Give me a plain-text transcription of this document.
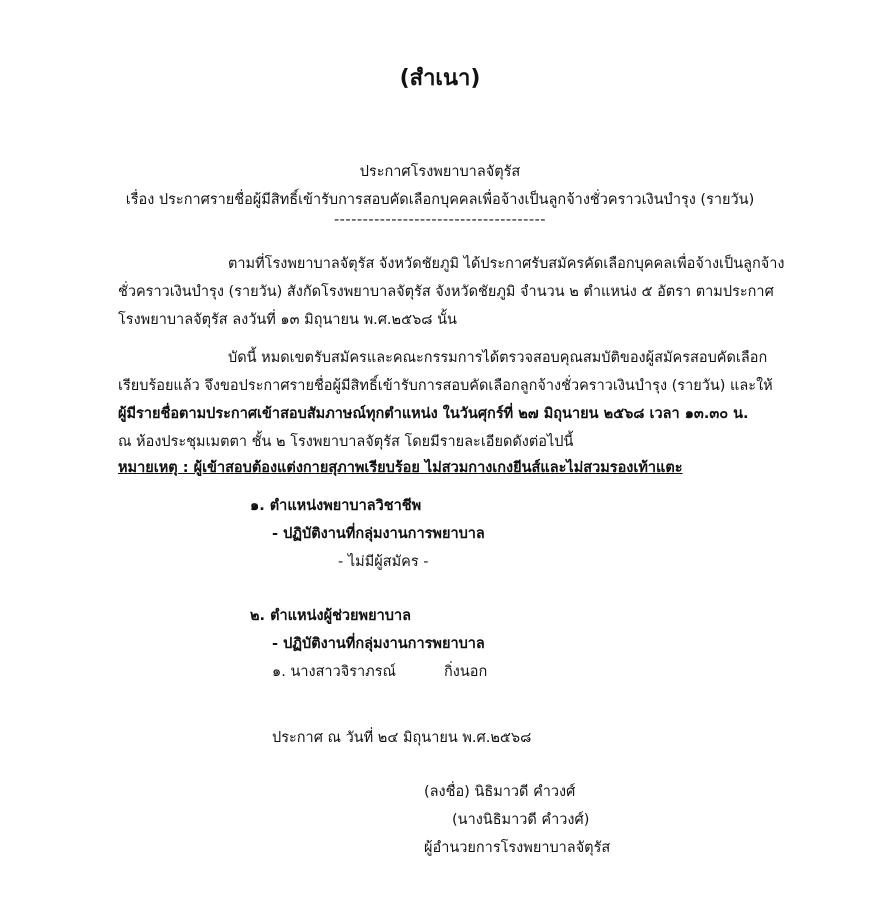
(สำเนา)
ประกาศโรงพยาบาลจัตุรัส
เรื่อง ประกาศรายชื่อผู้มีสิทธิ์เข้ารับการสอบคัดเลือกบุคคลเพื่อจ้างเป็นลูกจ้างชั่วคราวเงินบำรุง (รายวัน)
-------------------------------------
ตามที่โรงพยาบาลจัตุรัส จังหวัดชัยภูมิ ได้ประกาศรับสมัครคัดเลือกบุคคลเพื่อจ้างเป็นลูกจ้าง
ชั่วคราวเงินบำรุง (รายวัน) สังกัดโรงพยาบาลจัตุรัส จังหวัดชัยภูมิ จำนวน ๒ ตำแหน่ง ๕ อัตรา ตามประกาศ
โรงพยาบาลจัตุรัส ลงวันที่ ๑๓ มิถุนายน พ.ศ.๒๕๖๘ นั้น
บัดนี้ หมดเขตรับสมัครและคณะกรรมการได้ตรวจสอบคุณสมบัติของผู้สมัครสอบคัดเลือก
เรียบร้อยแล้ว จึงขอประกาศรายชื่อผู้มีสิทธิ์เข้ารับการสอบคัดเลือกลูกจ้างชั่วคราวเงินบำรุง (รายวัน) และให้
ผู้มีรายชื่อตามประกาศเข้าสอบสัมภาษณ์ทุกตำแหน่ง ในวันศุกร์ที่ ๒๗ มิถุนายน ๒๕๖๘ เวลา ๑๓.๓๐ น.
ณ ห้องประชุมเมตตา ชั้น ๒ โรงพยาบาลจัตุรัส โดยมีรายละเอียดดังต่อไปนี้
หมายเหตุ : ผู้เข้าสอบต้องแต่งกายสุภาพเรียบร้อย ไม่สวมกางเกงยีนส์และไม่สวมรองเท้าแตะ
๑. ตำแหน่งพยาบาลวิชาชีพ
- ปฏิบัติงานที่กลุ่มงานการพยาบาล
- ไม่มีผู้สมัคร -
๒. ตำแหน่งผู้ช่วยพยาบาล
- ปฏิบัติงานที่กลุ่มงานการพยาบาล
๑. นางสาวจิราภรณ์	กิ่งนอก
ประกาศ ณ วันที่ ๒๔ มิถุนายน พ.ศ.๒๕๖๘
(ลงชื่อ) นิธิมาวดี คำวงศ์
(นางนิธิมาวดี คำวงศ์)
ผู้อำนวยการโรงพยาบาลจัตุรัส
